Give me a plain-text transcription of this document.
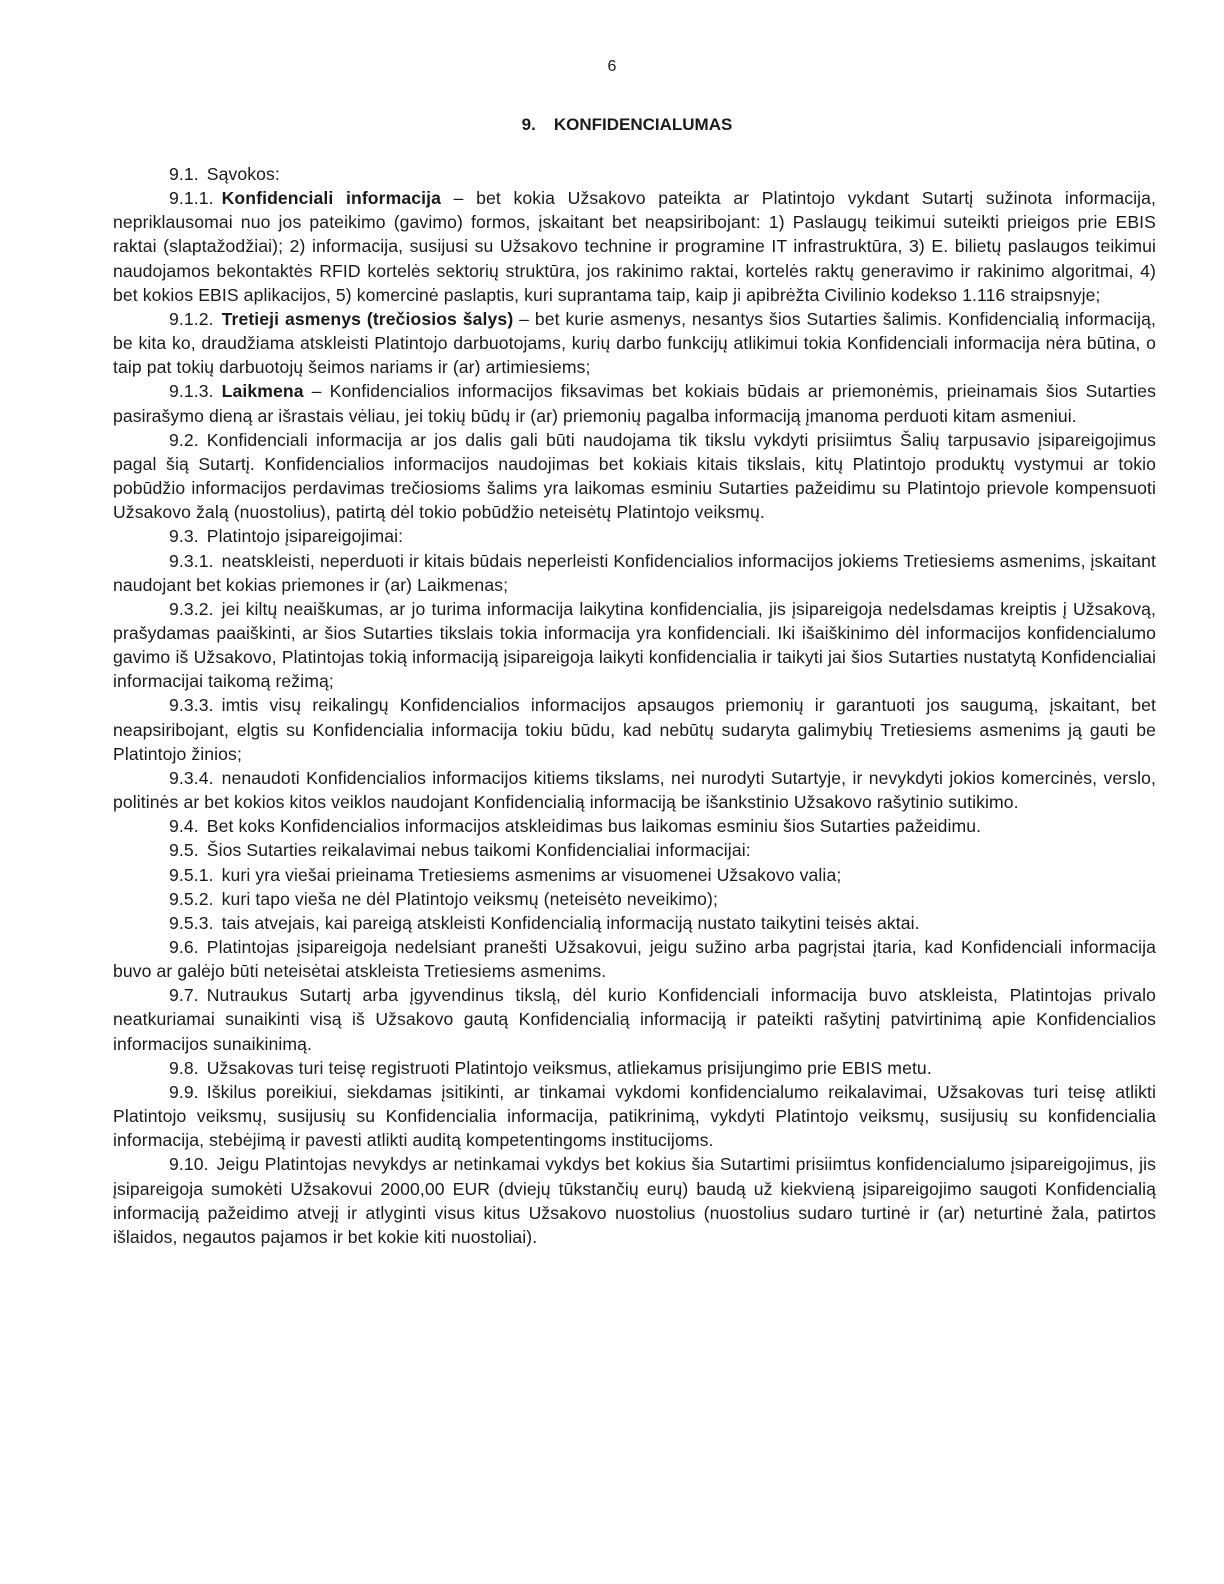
6
9. KONFIDENCIALUMAS

9.1. Sąvokos:

9.1.1. Konfidenciali informacija – bet kokia Užsakovo pateikta ar Platintojo vykdant Sutartį sužinota informacija, nepriklausomai nuo jos pateikimo (gavimo) formos, įskaitant bet neapsiribojant: 1) Paslaugų teikimui suteikti prieigos prie EBIS raktai (slaptažodžiai); 2) informacija, susijusi su Užsakovo technine ir programine IT infrastruktūra, 3) E. bilietų paslaugos teikimui naudojamos bekontaktės RFID kortelės sektorių struktūra, jos rakinimo raktai, kortelės raktų generavimo ir rakinimo algoritmai, 4) bet kokios EBIS aplikacijos, 5) komercinė paslaptis, kuri suprantama taip, kaip ji apibrėžta Civilinio kodekso 1.116 straipsnyje;

9.1.2. Tretieji asmenys (trečiosios šalys) – bet kurie asmenys, nesantys šios Sutarties šalimis. Konfidencialią informaciją, be kita ko, draudžiama atskleisti Platintojo darbuotojams, kurių darbo funkcijų atlikimui tokia Konfidenciali informacija nėra būtina, o taip pat tokių darbuotojų šeimos nariams ir (ar) artimiesiems;

9.1.3. Laikmena – Konfidencialios informacijos fiksavimas bet kokiais būdais ar priemonėmis, prieinamais šios Sutarties pasirašymo dieną ar išrastais vėliau, jei tokių būdų ir (ar) priemonių pagalba informaciją įmanoma perduoti kitam asmeniui.

9.2. Konfidenciali informacija ar jos dalis gali būti naudojama tik tikslu vykdyti prisiimtus Šalių tarpusavio įsipareigojimus pagal šią Sutartį. Konfidencialios informacijos naudojimas bet kokiais kitais tikslais, kitų Platintojo produktų vystymui ar tokio pobūdžio informacijos perdavimas trečiosioms šalims yra laikomas esminiu Sutarties pažeidimu su Platintojo prievole kompensuoti Užsakovo žalą (nuostolius), patirtą dėl tokio pobūdžio neteisėtų Platintojo veiksmų.

9.3. Platintojo įsipareigojimai:

9.3.1. neatskleisti, neperduoti ir kitais būdais neperleisti Konfidencialios informacijos jokiems Tretiesiems asmenims, įskaitant naudojant bet kokias priemones ir (ar) Laikmenas;

9.3.2. jei kiltų neaiškumas, ar jo turima informacija laikytina konfidencialia, jis įsipareigoja nedelsdamas kreiptis į Užsakovą, prašydamas paaiškinti, ar šios Sutarties tikslais tokia informacija yra konfidenciali. Iki išaiškinimo dėl informacijos konfidencialumo gavimo iš Užsakovo, Platintojas tokią informaciją įsipareigoja laikyti konfidencialia ir taikyti jai šios Sutarties nustatytą Konfidencialiai informacijai taikomą režimą;

9.3.3. imtis visų reikalingų Konfidencialios informacijos apsaugos priemonių ir garantuoti jos saugumą, įskaitant, bet neapsiribojant, elgtis su Konfidencialia informacija tokiu būdu, kad nebūtų sudaryta galimybių Tretiesiems asmenims ją gauti be Platintojo žinios;

9.3.4. nenaudoti Konfidencialios informacijos kitiems tikslams, nei nurodyti Sutartyje, ir nevykdyti jokios komercinės, verslo, politinės ar bet kokios kitos veiklos naudojant Konfidencialią informaciją be išankstinio Užsakovo rašytinio sutikimo.

9.4. Bet koks Konfidencialios informacijos atskleidimas bus laikomas esminiu šios Sutarties pažeidimu.

9.5. Šios Sutarties reikalavimai nebus taikomi Konfidencialiai informacijai:

9.5.1. kuri yra viešai prieinama Tretiesiems asmenims ar visuomenei Užsakovo valia;

9.5.2. kuri tapo vieša ne dėl Platintojo veiksmų (neteisėto neveikimo);

9.5.3. tais atvejais, kai pareigą atskleisti Konfidencialią informaciją nustato taikytini teisės aktai.

9.6. Platintojas įsipareigoja nedelsiant pranešti Užsakovui, jeigu sužino arba pagrįstai įtaria, kad Konfidenciali informacija buvo ar galėjo būti neteisėtai atskleista Tretiesiems asmenims.

9.7. Nutraukus Sutartį arba įgyvendinus tikslą, dėl kurio Konfidenciali informacija buvo atskleista, Platintojas privalo neatkuriamai sunaikinti visą iš Užsakovo gautą Konfidencialią informaciją ir pateikti rašytinį patvirtinimą apie Konfidencialios informacijos sunaikinimą.

9.8. Užsakovas turi teisę registruoti Platintojo veiksmus, atliekamus prisijungimo prie EBIS metu.

9.9. Iškilus poreikiui, siekdamas įsitikinti, ar tinkamai vykdomi konfidencialumo reikalavimai, Užsakovas turi teisę atlikti Platintojo veiksmų, susijusių su Konfidencialia informacija, patikrinimą, vykdyti Platintojo veiksmų, susijusių su konfidencialia informacija, stebėjimą ir pavesti atlikti auditą kompetentingoms institucijoms.

9.10. Jeigu Platintojas nevykdys ar netinkamai vykdys bet kokius šia Sutartimi prisiimtus konfidencialumo įsipareigojimus, jis įsipareigoja sumokėti Užsakovui 2000,00 EUR (dviejų tūkstančių eurų) baudą už kiekvieną įsipareigojimo saugoti Konfidencialią informaciją pažeidimo atvejį ir atlyginti visus kitus Užsakovo nuostolius (nuostolius sudaro turtinė ir (ar) neturtinė žala, patirtos išlaidos, negautos pajamos ir bet kokie kiti nuostoliai).
